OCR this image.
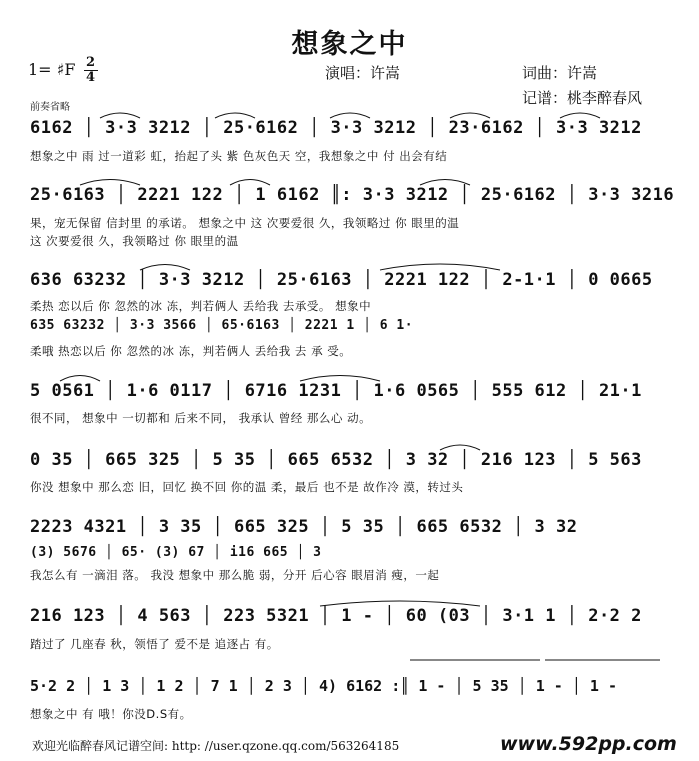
想象之中
1= ♯F 2
4	演唱：许嵩	词曲：许嵩
记谱：桃李醉春风
前奏省略
6162 │ 3·3 3212 │ 25·6162 │ 3·3 3212 │ 23·6162 │ 3·3 3212
想象之中 雨 过一道彩 虹，抬起了头 紫 色灰色天 空，我想象之中 付 出会有结
25·6163 │ 2221 122 │ 1 6162 ║: 3·3 3212 │ 25·6162 │ 3·3 3216
果，宠无保留 信封里 的承诺。 想象之中 这 次要爱很 久，我领略过 你 眼里的温
这 次要爱很 久，我领略过 你 眼里的温
636 63232 │ 3·3 3212 │ 25·6163 │ 2221 122 │ 2-1·1 │ 0 0665
柔热 恋以后 你 忽然的冰 冻，判若俩人 丢给我 去承受。 想象中
635 63232 │ 3·3 3566 │ 65·6163 │ 2221 1 │ 6 1·
柔哦 热恋以后 你 忽然的冰 冻，判若俩人 丢给我 去 承 受。
5 0561 │ 1·6 0117 │ 6716 1231 │ 1·6 0565 │ 555 612 │ 21·1
很不同， 想象中 一切都和 后来不同， 我承认 曾经 那么心 动。
0 35 │ 665 325 │ 5 35 │ 665 6532 │ 3 32 │ 216 123 │ 5 563
你没 想象中 那么恋 旧，回忆 换不回 你的温 柔，最后 也不是 故作冷 漠，转过头
2223 4321 │ 3 35 │ 665 325 │ 5 35 │ 665 6532 │ 3 32
(3) 5676 │ 65· (3) 67 │ i16 665 │ 3
我怎么有 一滴泪 落。 我没 想象中 那么脆 弱，分开 后心容 眼眉消 瘦，一起
216 123 │ 4 563 │ 223 5321 │ 1 - │ 60 (03 │ 3·1 1 │ 2·2 2
踏过了 几座春 秋，领悟了 爱不是 追逐占 有。
5·2 2 │ 1 3 │ 1 2 │ 7 1 │ 2 3 │ 4) 6162 :║ 1 - │ 5 35 │ 1 - │ 1 -
想象之中 有 哦！你没D.S有。
欢迎光临醉春风记谱空间: http: //user.qzone.qq.com/563264185	www.592pp.com
